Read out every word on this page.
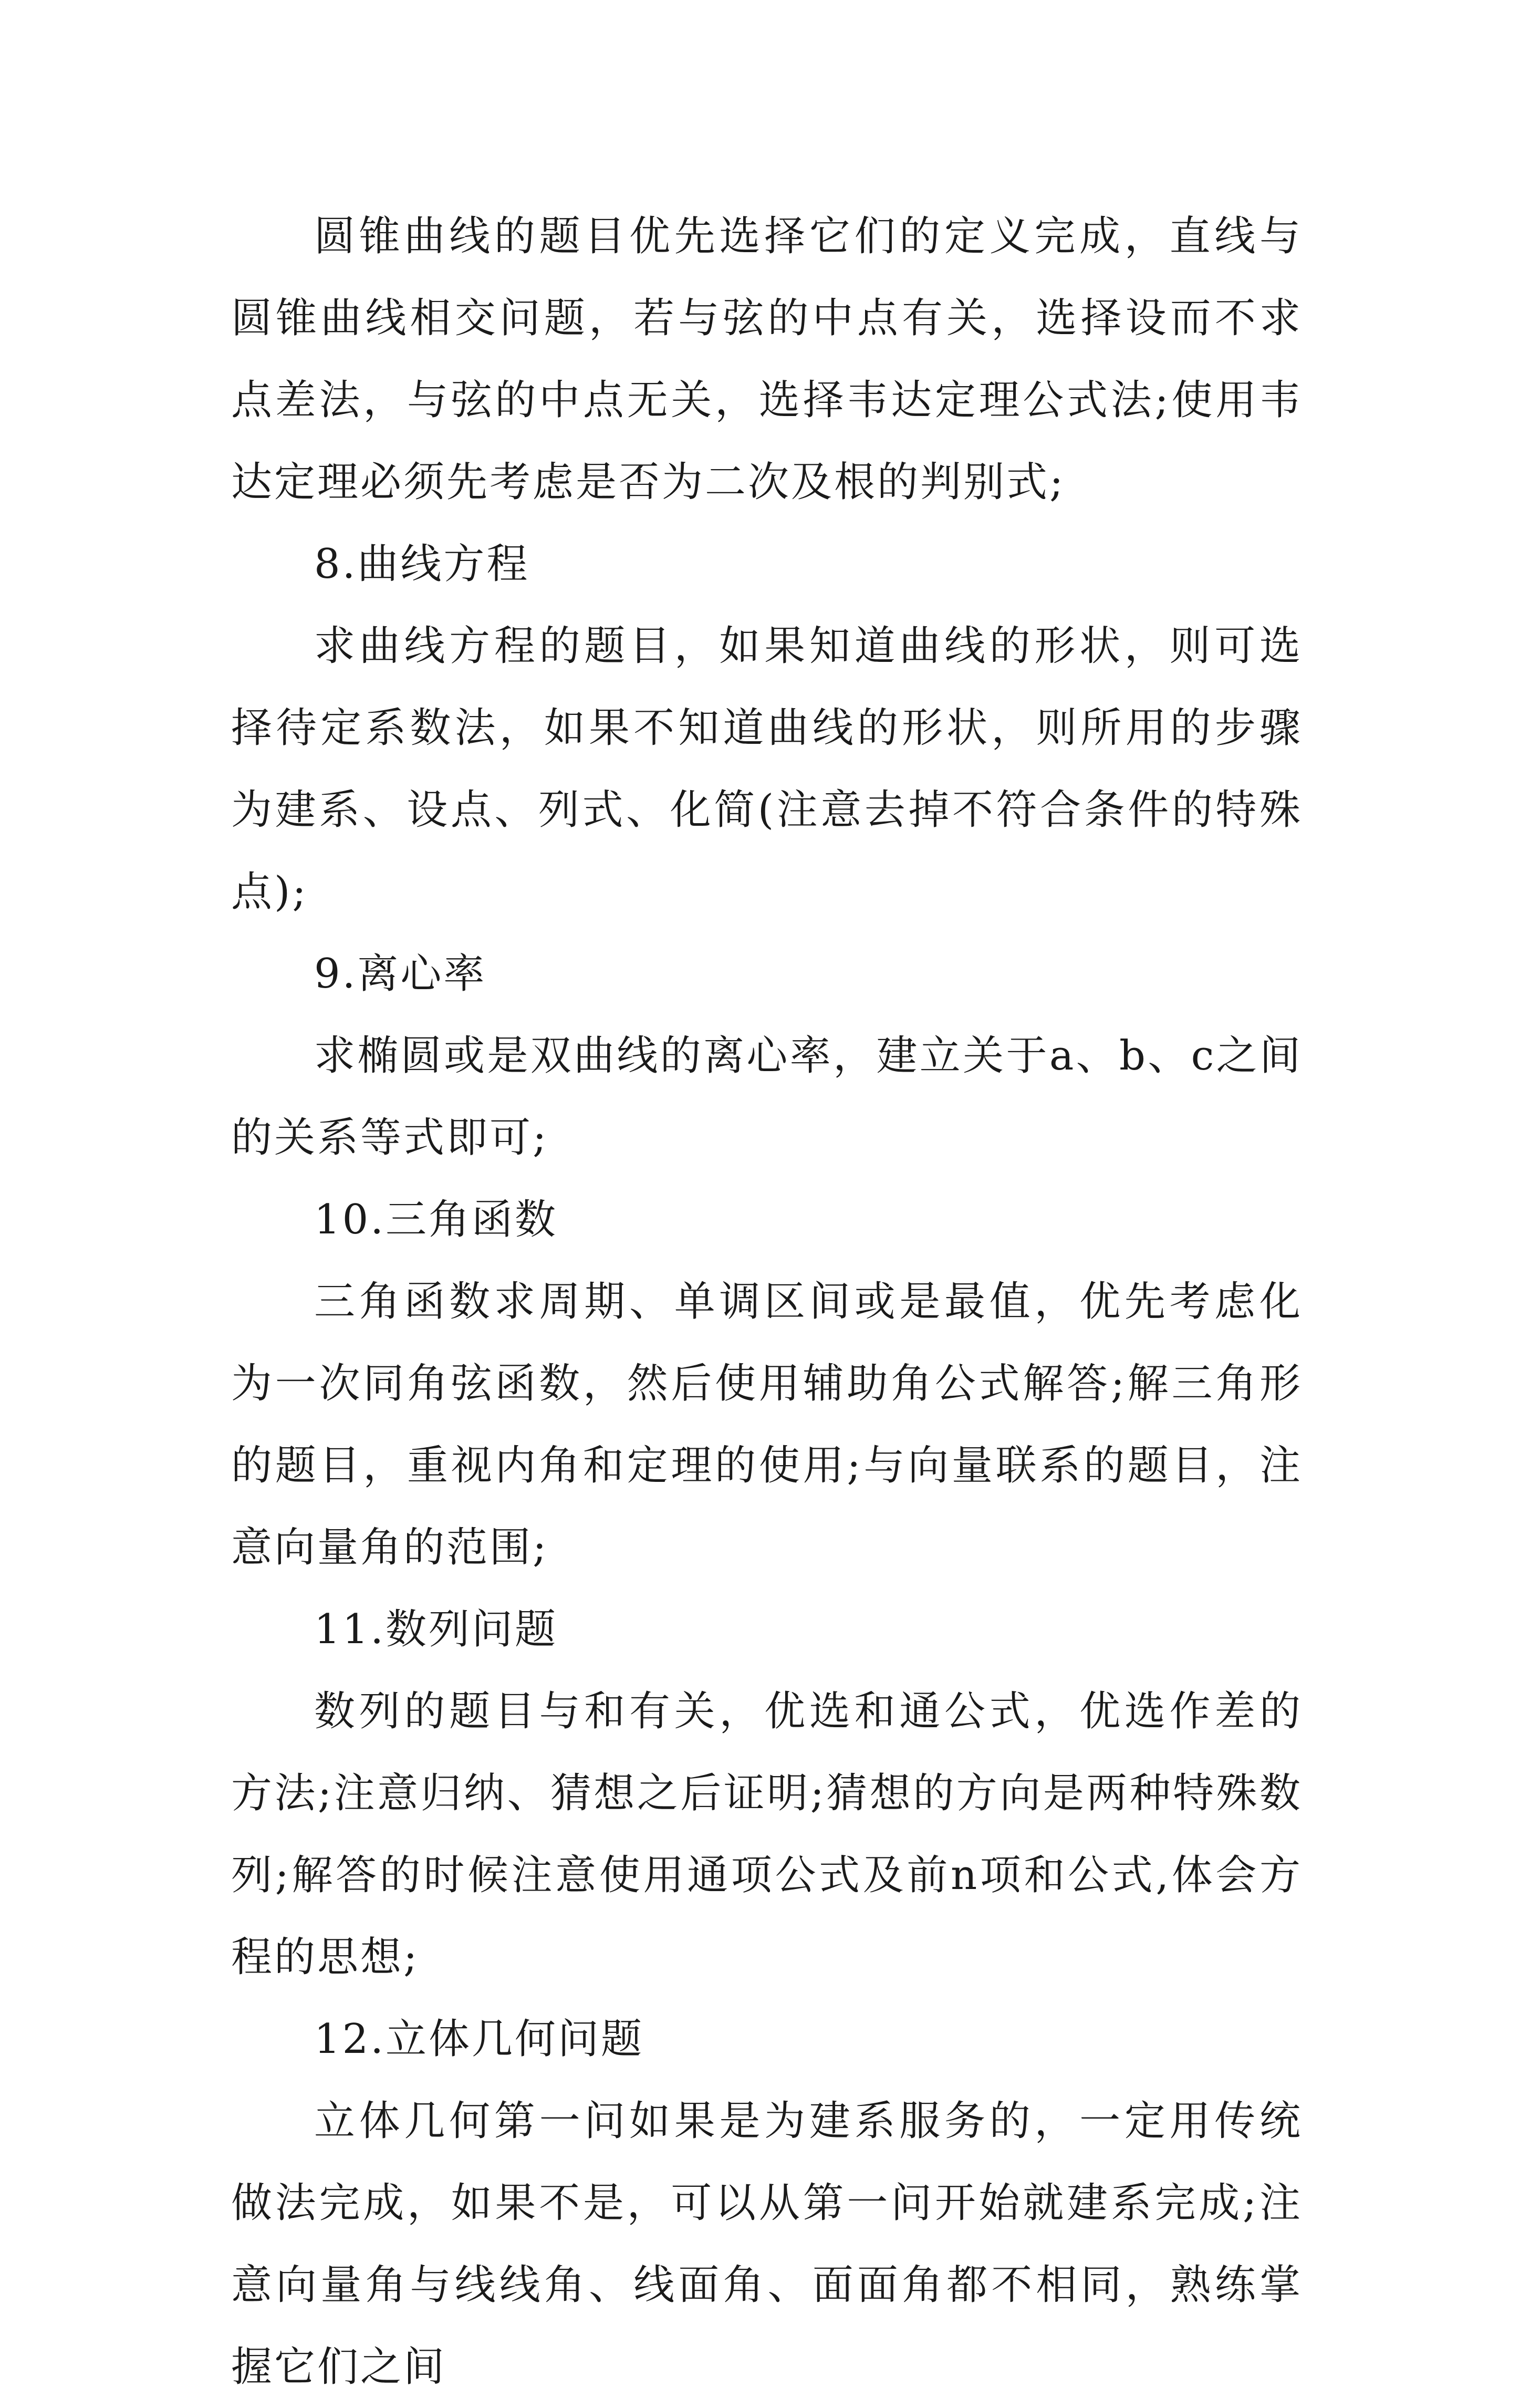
圆锥曲线的题目优先选择它们的定义完成，直线与圆锥曲线相交问题，若与弦的中点有关，选择设而不求点差法，与弦的中点无关，选择韦达定理公式法;使用韦达定理必须先考虑是否为二次及根的判别式;

8.曲线方程

求曲线方程的题目，如果知道曲线的形状，则可选择待定系数法，如果不知道曲线的形状，则所用的步骤为建系、设点、列式、化简(注意去掉不符合条件的特殊点);

9.离心率

求椭圆或是双曲线的离心率，建立关于a、b、c之间的关系等式即可;

10.三角函数

三角函数求周期、单调区间或是最值，优先考虑化为一次同角弦函数，然后使用辅助角公式解答;解三角形的题目，重视内角和定理的使用;与向量联系的题目，注意向量角的范围;

11.数列问题

数列的题目与和有关，优选和通公式，优选作差的方法;注意归纳、猜想之后证明;猜想的方向是两种特殊数列;解答的时候注意使用通项公式及前n项和公式,体会方程的思想;

12.立体几何问题

立体几何第一问如果是为建系服务的，一定用传统做法完成，如果不是，可以从第一问开始就建系完成;注意向量角与线线角、线面角、面面角都不相同，熟练掌握它们之间
